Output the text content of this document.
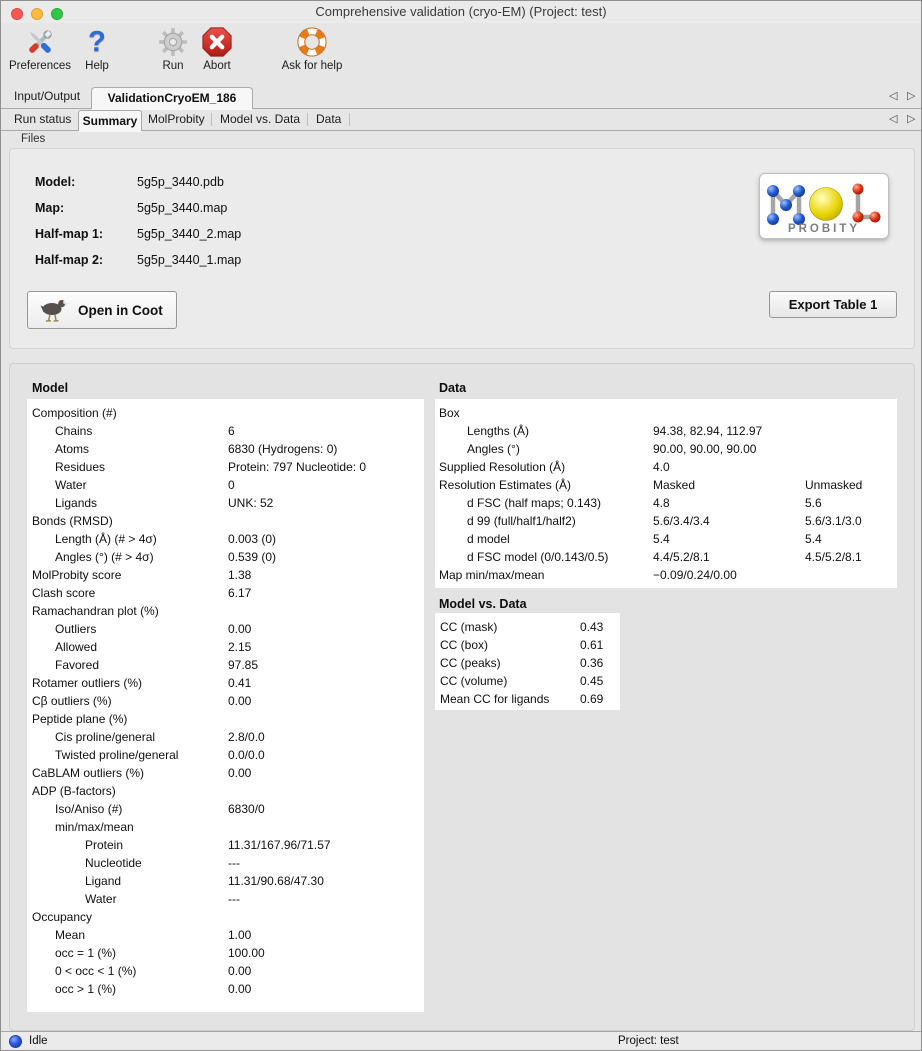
Comprehensive validation (cryo-EM) (Project: test)
Preferences
?
Help	Run	Abort	Ask for help
Input/Output	ValidationCryoEM_186	◁ ▷
Run status Summary MolProbity Model vs. Data Data	◁ ▷
Files
Model:	5g5p_3440.pdb
Map:	5g5p_3440.map
Half-map 1:	5g5p_3440_2.map
Half-map 2:	5g5p_3440_1.map
Open in Coot
PROBITY
Export Table 1
Model
Composition (#)
Chains	6
Atoms	6830 (Hydrogens: 0)
Residues	Protein: 797 Nucleotide: 0
Water	0
Ligands	UNK: 52
Bonds (RMSD)
Length (Å) (# > 4σ)	0.003 (0)
Angles (°) (# > 4σ)	0.539 (0)
MolProbity score	1.38
Clash score	6.17
Ramachandran plot (%)
Outliers	0.00
Allowed	2.15
Favored	97.85
Rotamer outliers (%)	0.41
Cβ outliers (%)	0.00
Peptide plane (%)
Cis proline/general	2.8/0.0
Twisted proline/general	0.0/0.0
CaBLAM outliers (%)	0.00
ADP (B-factors)
Iso/Aniso (#)	6830/0
min/max/mean
Protein	11.31/167.96/71.57
Nucleotide	---
Ligand	11.31/90.68/47.30
Water	---
Occupancy
Mean	1.00
occ = 1 (%)	100.00
0 < occ < 1 (%)	0.00
occ > 1 (%)	0.00
Data
Box
Lengths (Å)	94.38, 82.94, 112.97
Angles (°)	90.00, 90.00, 90.00
Supplied Resolution (Å)	4.0
Resolution Estimates (Å)	Masked	Unmasked
d FSC (half maps; 0.143)	4.8	5.6
d 99 (full/half1/half2)	5.6/3.4/3.4	5.6/3.1/3.0
d model	5.4	5.4
d FSC model (0/0.143/0.5)	4.4/5.2/8.1	4.5/5.2/8.1
Map min/max/mean	−0.09/0.24/0.00
Model vs. Data
CC (mask)	0.43
CC (box)	0.61
CC (peaks)	0.36
CC (volume)	0.45
Mean CC for ligands	0.69
Idle	Project: test
